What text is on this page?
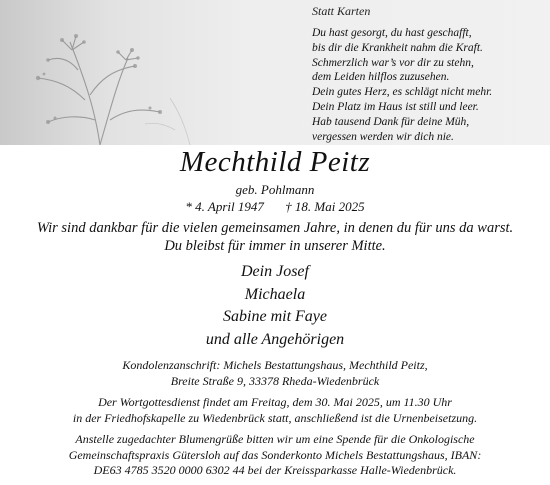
Statt Karten
Du hast gesorgt, du hast geschafft,
bis dir die Krankheit nahm die Kraft.
Schmerzlich war’s vor dir zu stehn,
dem Leiden hilflos zuzusehen.
Dein gutes Herz, es schlägt nicht mehr.
Dein Platz im Haus ist still und leer.
Hab tausend Dank für deine Müh,
vergessen werden wir dich nie.
Mechthild Peitz
geb. Pohlmann
* 4. April 1947 † 18. Mai 2025
Wir sind dankbar für die vielen gemeinsamen Jahre, in denen du für uns da warst.
Du bleibst für immer in unserer Mitte.
Dein Josef
Michaela
Sabine mit Faye
und alle Angehörigen
Kondolenzanschrift: Michels Bestattungshaus, Mechthild Peitz,
Breite Straße 9, 33378 Rheda-Wiedenbrück
Der Wortgottesdienst findet am Freitag, dem 30. Mai 2025, um 11.30 Uhr
in der Friedhofskapelle zu Wiedenbrück statt, anschließend ist die Urnenbeisetzung.
Anstelle zugedachter Blumengrüße bitten wir um eine Spende für die Onkologische
Gemeinschaftspraxis Gütersloh auf das Sonderkonto Michels Bestattungshaus, IBAN:
DE63 4785 3520 0000 6302 44 bei der Kreissparkasse Halle-Wiedenbrück.
